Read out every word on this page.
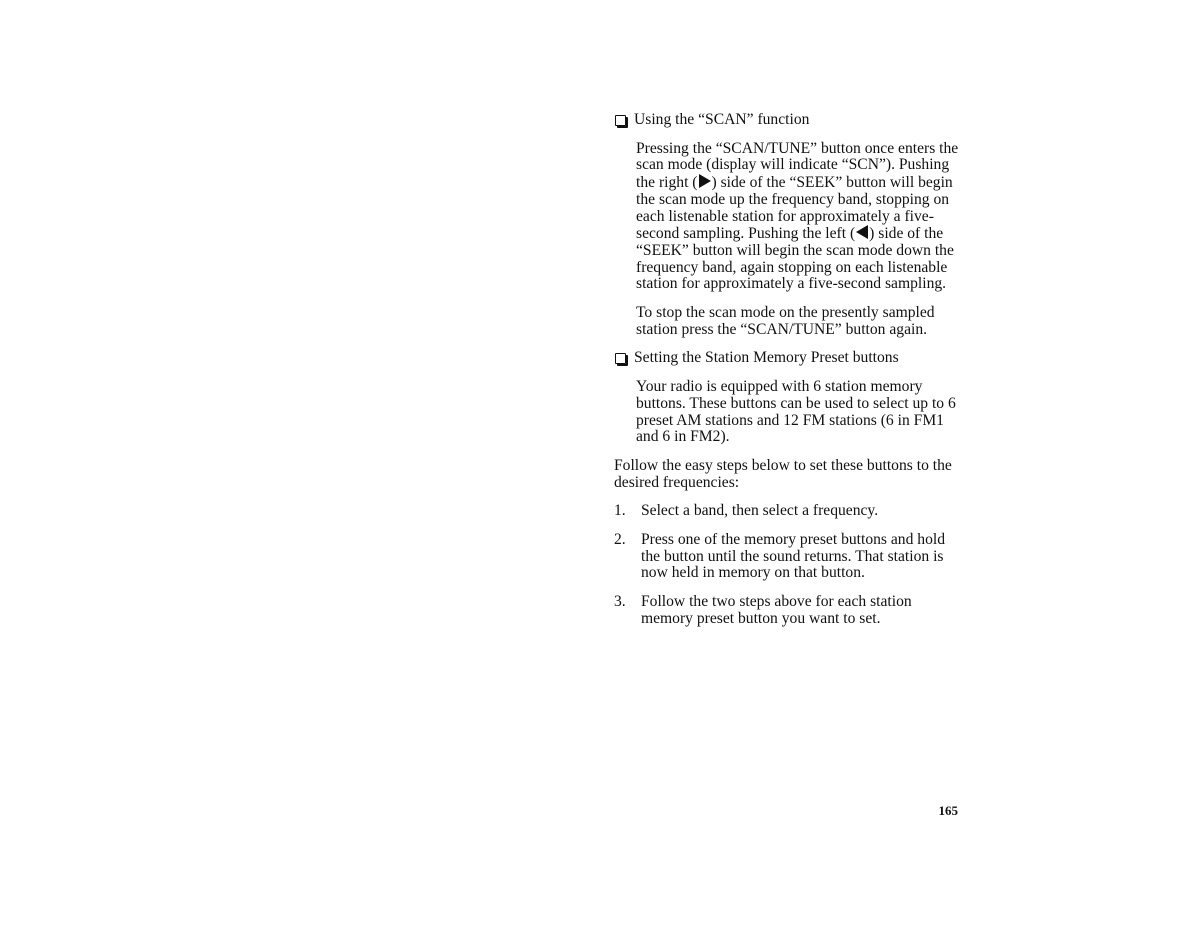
Using the “SCAN” function

Pressing the “SCAN/TUNE” button once enters the scan mode (display will indicate “SCN”). Pushing the right ( ) side of the “SEEK” button will begin the scan mode up the frequency band, stopping on each listenable station for approximately a five-second sampling. Pushing the left ( ) side of the “SEEK” button will begin the scan mode down the frequency band, again stopping on each listenable station for approximately a five-second sampling.

To stop the scan mode on the presently sampled station press the “SCAN/TUNE” button again.

Setting the Station Memory Preset buttons

Your radio is equipped with 6 station memory buttons. These buttons can be used to select up to 6 preset AM stations and 12 FM stations (6 in FM1 and 6 in FM2).

Follow the easy steps below to set these buttons to the desired frequencies:

1. Select a band, then select a frequency.
2. Press one of the memory preset buttons and hold the button until the sound returns. That station is now held in memory on that button.
3. Follow the two steps above for each station memory preset button you want to set.
165
